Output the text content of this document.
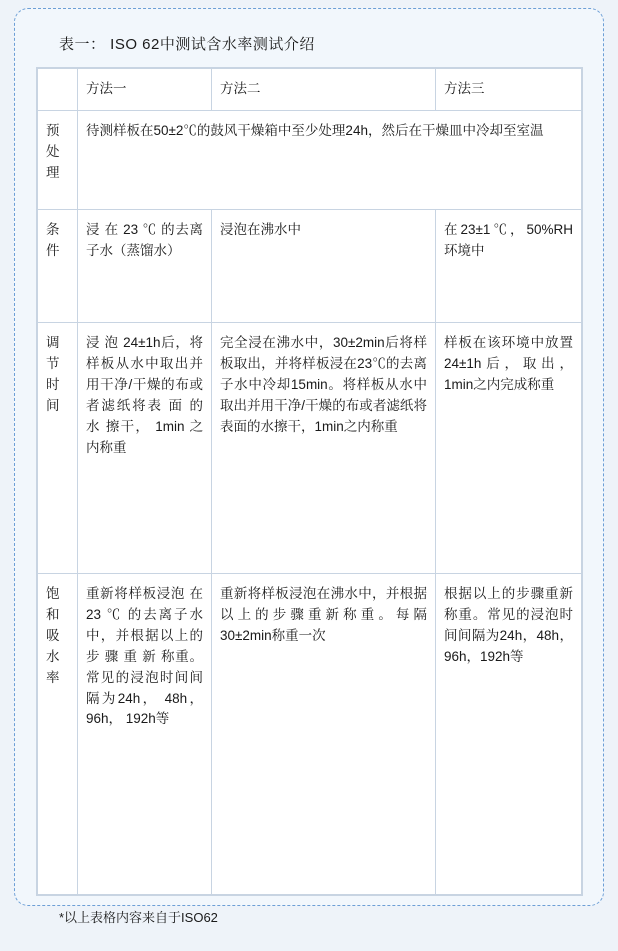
表一： ISO 62中测试含水率测试介绍
	方法一	方法二	方法三
预处理	待测样板在50±2℃的鼓风干燥箱中至少处理24h，然后在干燥皿中冷却至室温		
条件	浸 在 23 ℃ 的去离子水（蒸馏水）	浸泡在沸水中	在23±1℃，50%RH环境中
调节时间	浸 泡 24±1h后，将样板从水中取出并用干净/干燥的布或者滤纸将表 面 的 水 擦干， 1min 之内称重	完全浸在沸水中，30±2min后将样板取出，并将样板浸在23℃的去离子水中冷却15min。将样板从水中取出并用干净/干燥的布或者滤纸将表面的水擦干，1min之内称重	样板在该环境中放置24±1h后，取出，1min之内完成称重
饱和吸水率	重新将样板浸泡 在 23 ℃ 的去离子水中，并根据以上的步 骤 重 新 称重。常见的浸泡时间间隔为24h， 48h， 96h， 192h等	重新将样板浸泡在沸水中，并根据以上的步骤重新称重。每隔30±2min称重一次	根据以上的步骤重新称重。常见的浸泡时间间隔为24h，48h，96h，192h等
*以上表格内容来自于ISO62
